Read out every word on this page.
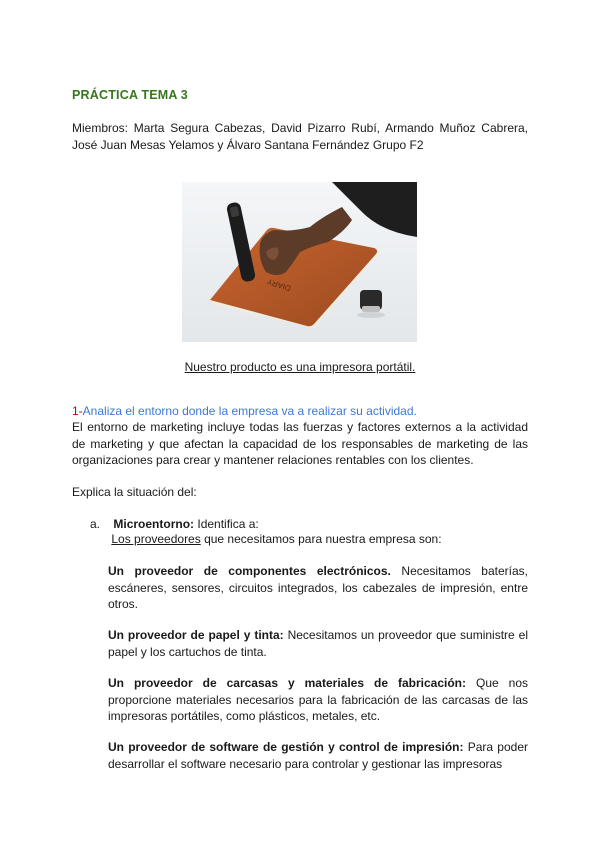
PRÁCTICA TEMA 3
Miembros: Marta Segura Cabezas, David Pizarro Rubí, Armando Muñoz Cabrera, José Juan Mesas Yelamos y Álvaro Santana Fernández Grupo F2
DIARY
Nuestro producto es una impresora portátil.
1-Analiza el entorno donde la empresa va a realizar su actividad.
El entorno de marketing incluye todas las fuerzas y factores externos a la actividad de marketing y que afectan la capacidad de los responsables de marketing de las organizaciones para crear y mantener relaciones rentables con los clientes.
Explica la situación del:
a. Microentorno: Identifica a:
Los proveedores que necesitamos para nuestra empresa son:
Un proveedor de componentes electrónicos. Necesitamos baterías, escáneres, sensores, circuitos integrados, los cabezales de impresión, entre otros.
Un proveedor de papel y tinta: Necesitamos un proveedor que suministre el papel y los cartuchos de tinta.
Un proveedor de carcasas y materiales de fabricación: Que nos proporcione materiales necesarios para la fabricación de las carcasas de las impresoras portátiles, como plásticos, metales, etc.
Un proveedor de software de gestión y control de impresión: Para poder desarrollar el software necesario para controlar y gestionar las impresoras
